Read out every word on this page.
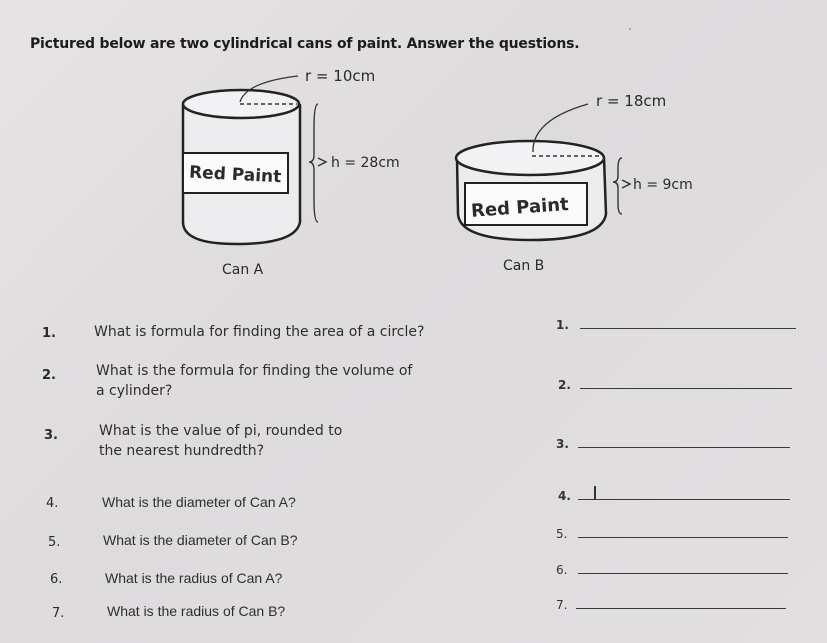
Pictured below are two cylindrical cans of paint. Answer the questions.
ˋ
r = 10cm
Red Paint	h = 28cm
Can A
r = 18cm
Red Paint
h = 9cm
Can B
1.	What is formula for finding the area of a circle?	1.
2.	What is the formula for finding the volume of
a cylinder?	2.
3.	What is the value of pi, rounded to
the nearest hundredth?	3.
4.	What is the diameter of Can A?	4.
5.	What is the diameter of Can B?	5.
6.	What is the radius of Can A?	6.
7.	What is the radius of Can B?	7.
